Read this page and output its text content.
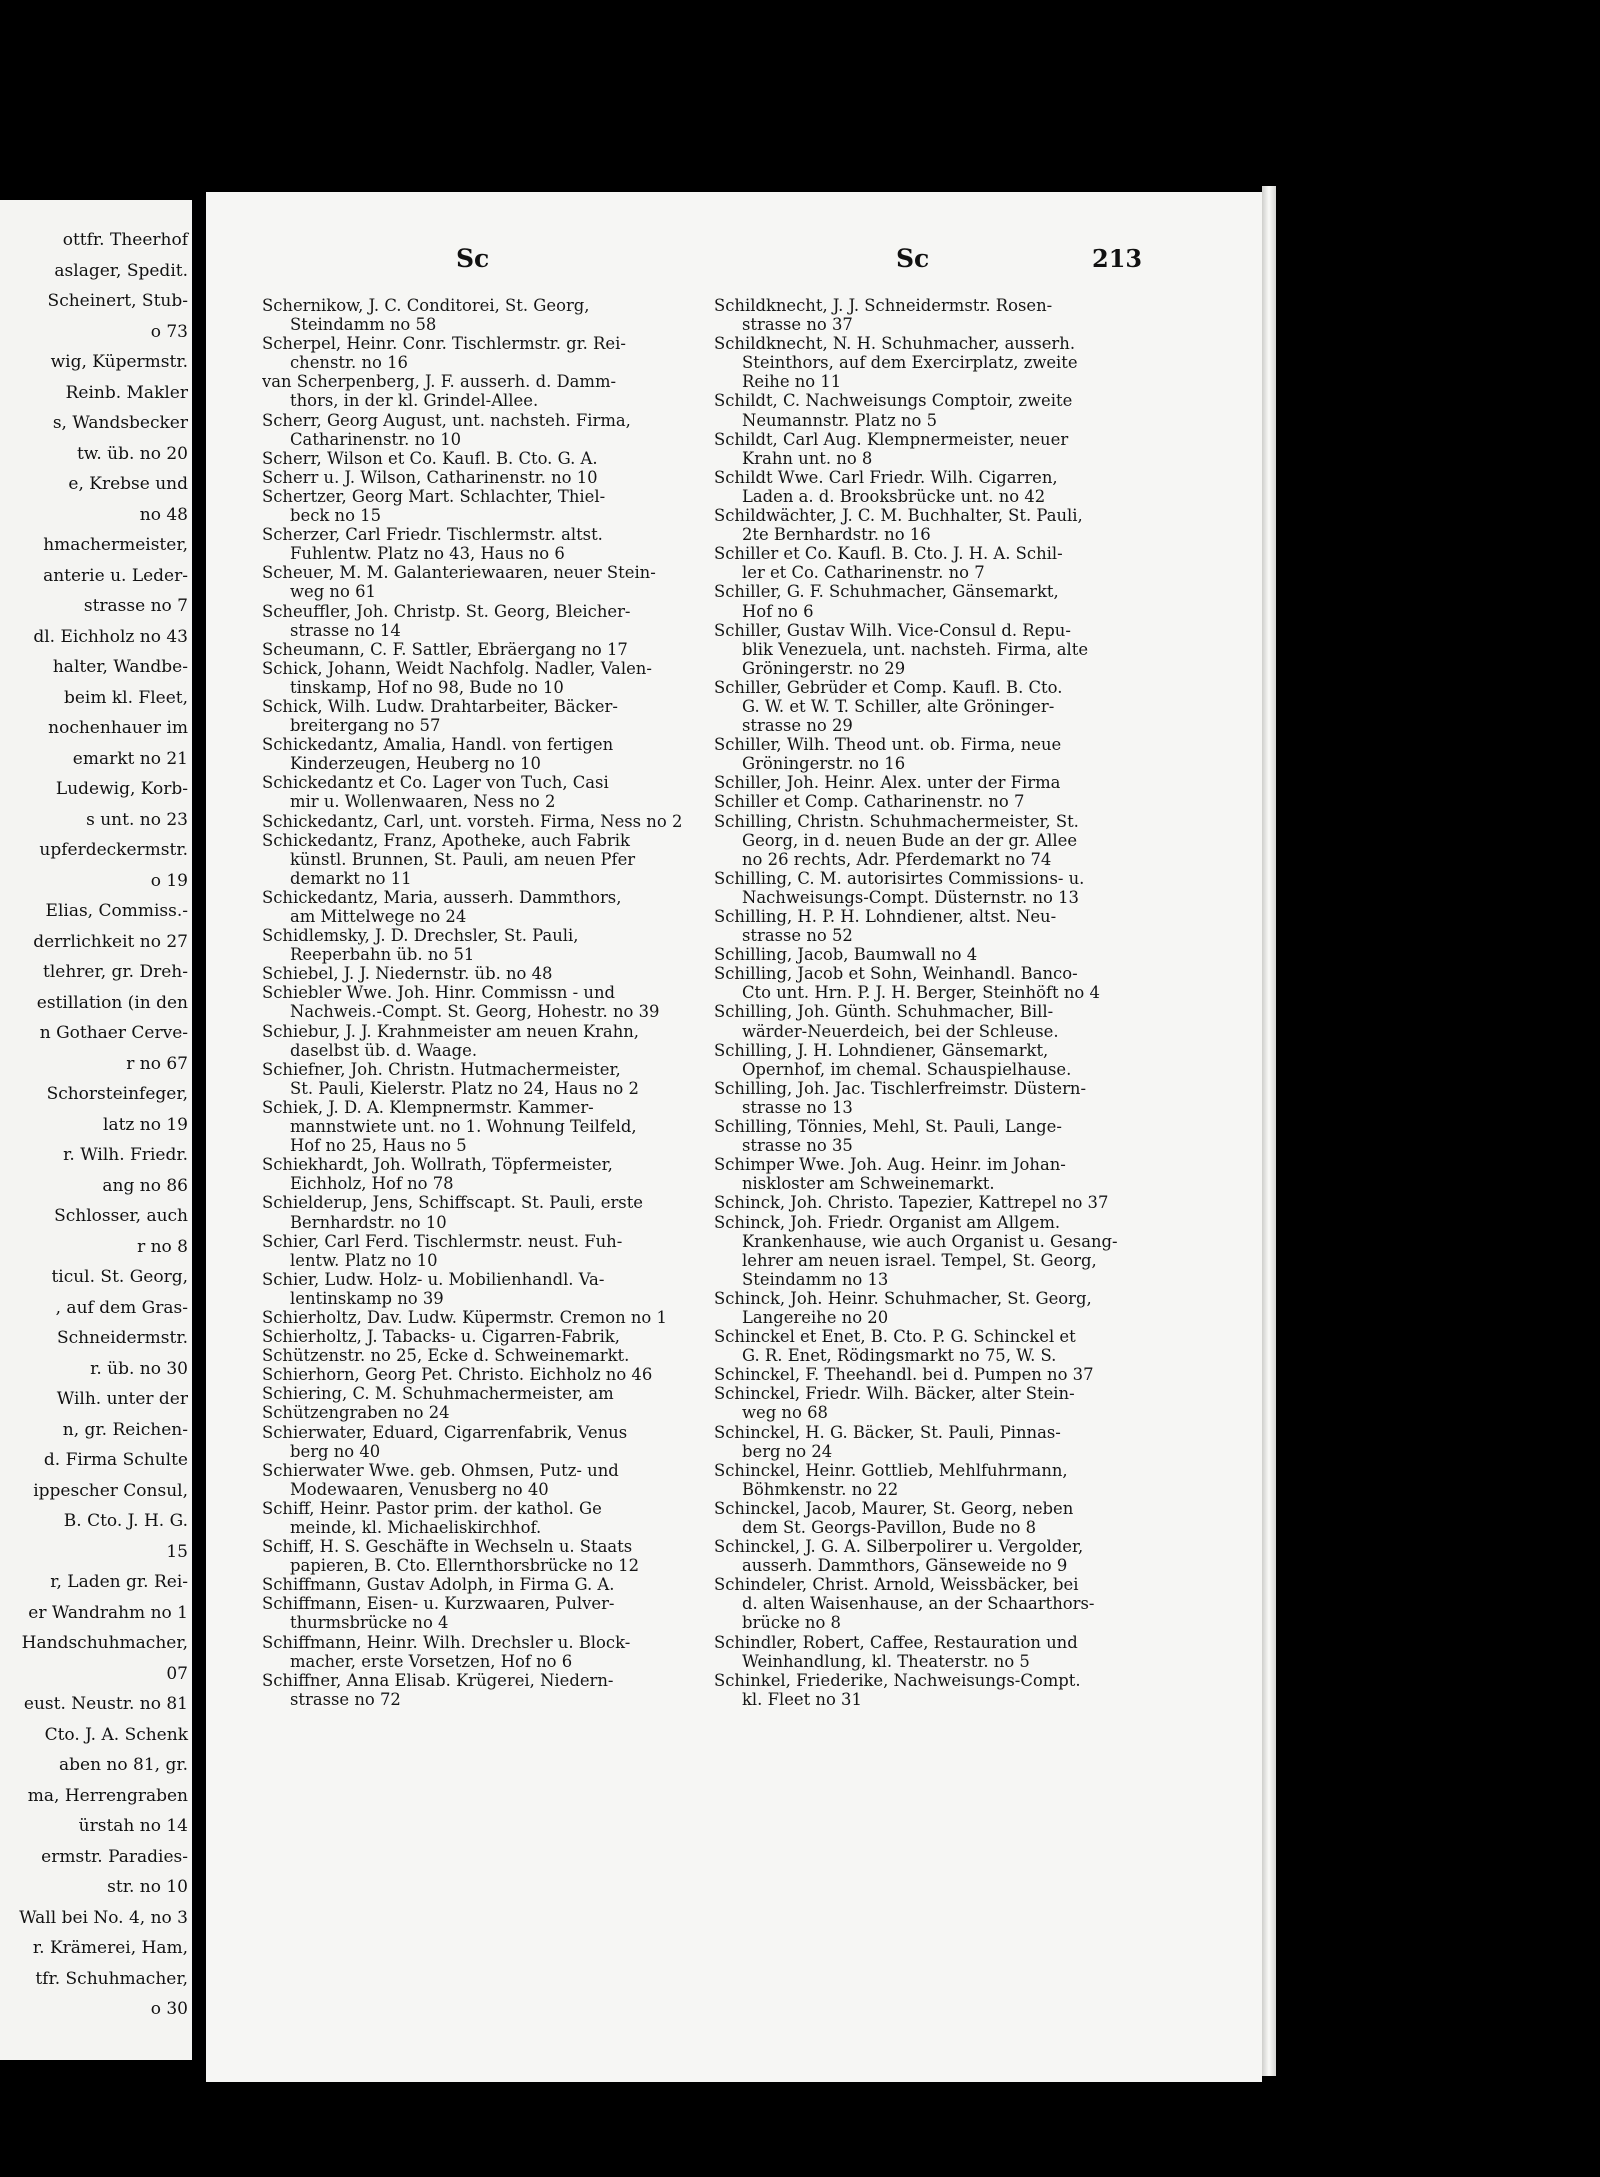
ottfr. Theerhof
aslager, Spedit.
Scheinert, Stub-
o 73
wig, Küpermstr.
Reinb. Makler
s, Wandsbecker
tw. üb. no 20
e, Krebse und
no 48
hmachermeister,
anterie u. Leder-
strasse no 7
dl. Eichholz no 43
halter, Wandbe-
beim kl. Fleet,
nochenhauer im
emarkt no 21
Ludewig, Korb-
s unt. no 23
upferdeckermstr.
o 19
Elias, Commiss.-
derrlichkeit no 27
tlehrer, gr. Dreh-
estillation (in den
n Gothaer Cerve-
r no 67
Schorsteinfeger,
latz no 19
r. Wilh. Friedr.
ang no 86
Schlosser, auch
r no 8
ticul. St. Georg,
, auf dem Gras-
Schneidermstr.
r. üb. no 30
Wilh. unter der
n, gr. Reichen-
d. Firma Schulte
ippescher Consul,
B. Cto. J. H. G.
15
r, Laden gr. Rei-
er Wandrahm no 1
Handschuhmacher,
07
eust. Neustr. no 81
Cto. J. A. Schenk
aben no 81, gr.
ma, Herrengraben
ürstah no 14
ermstr. Paradies-
str. no 10
Wall bei No. 4, no 3
r. Krämerei, Ham,
tfr. Schuhmacher,
o 30
Sc	Sc	213
Schernikow, J. C. Conditorei, St. Georg,
Steindamm no 58
Scherpel, Heinr. Conr. Tischlermstr. gr. Rei-
chenstr. no 16
van Scherpenberg, J. F. ausserh. d. Damm-
thors, in der kl. Grindel-Allee.
Scherr, Georg August, unt. nachsteh. Firma,
Catharinenstr. no 10
Scherr, Wilson et Co. Kaufl. B. Cto. G. A.
Scherr u. J. Wilson, Catharinenstr. no 10
Schertzer, Georg Mart. Schlachter, Thiel-
beck no 15
Scherzer, Carl Friedr. Tischlermstr. altst.
Fuhlentw. Platz no 43, Haus no 6
Scheuer, M. M. Galanteriewaaren, neuer Stein-
weg no 61
Scheuffler, Joh. Christp. St. Georg, Bleicher-
strasse no 14
Scheumann, C. F. Sattler, Ebräergang no 17
Schick, Johann, Weidt Nachfolg. Nadler, Valen-
tinskamp, Hof no 98, Bude no 10
Schick, Wilh. Ludw. Drahtarbeiter, Bäcker-
breitergang no 57
Schickedantz, Amalia, Handl. von fertigen
Kinderzeugen, Heuberg no 10
Schickedantz et Co. Lager von Tuch, Casi
mir u. Wollenwaaren, Ness no 2
Schickedantz, Carl, unt. vorsteh. Firma, Ness no 2
Schickedantz, Franz, Apotheke, auch Fabrik
künstl. Brunnen, St. Pauli, am neuen Pfer
demarkt no 11
Schickedantz, Maria, ausserh. Dammthors,
am Mittelwege no 24
Schidlemsky, J. D. Drechsler, St. Pauli,
Reeperbahn üb. no 51
Schiebel, J. J. Niedernstr. üb. no 48
Schiebler Wwe. Joh. Hinr. Commissn - und
Nachweis.-Compt. St. Georg, Hohestr. no 39
Schiebur, J. J. Krahnmeister am neuen Krahn,
daselbst üb. d. Waage.
Schiefner, Joh. Christn. Hutmachermeister,
St. Pauli, Kielerstr. Platz no 24, Haus no 2
Schiek, J. D. A. Klempnermstr. Kammer-
mannstwiete unt. no 1. Wohnung Teilfeld,
Hof no 25, Haus no 5
Schiekhardt, Joh. Wollrath, Töpfermeister,
Eichholz, Hof no 78
Schielderup, Jens, Schiffscapt. St. Pauli, erste
Bernhardstr. no 10
Schier, Carl Ferd. Tischlermstr. neust. Fuh-
lentw. Platz no 10
Schier, Ludw. Holz- u. Mobilienhandl. Va-
lentinskamp no 39
Schierholtz, Dav. Ludw. Küpermstr. Cremon no 1
Schierholtz, J. Tabacks- u. Cigarren-Fabrik,
Schützenstr. no 25, Ecke d. Schweinemarkt.
Schierhorn, Georg Pet. Christo. Eichholz no 46
Schiering, C. M. Schuhmachermeister, am
Schützengraben no 24
Schierwater, Eduard, Cigarrenfabrik, Venus
berg no 40
Schierwater Wwe. geb. Ohmsen, Putz- und
Modewaaren, Venusberg no 40
Schiff, Heinr. Pastor prim. der kathol. Ge
meinde, kl. Michaeliskirchhof.
Schiff, H. S. Geschäfte in Wechseln u. Staats
papieren, B. Cto. Ellernthorsbrücke no 12
Schiffmann, Gustav Adolph, in Firma G. A.
Schiffmann, Eisen- u. Kurzwaaren, Pulver-
thurmsbrücke no 4
Schiffmann, Heinr. Wilh. Drechsler u. Block-
macher, erste Vorsetzen, Hof no 6
Schiffner, Anna Elisab. Krügerei, Niedern-
strasse no 72
Schildknecht, J. J. Schneidermstr. Rosen-
strasse no 37
Schildknecht, N. H. Schuhmacher, ausserh.
Steinthors, auf dem Exercirplatz, zweite
Reihe no 11
Schildt, C. Nachweisungs Comptoir, zweite
Neumannstr. Platz no 5
Schildt, Carl Aug. Klempnermeister, neuer
Krahn unt. no 8
Schildt Wwe. Carl Friedr. Wilh. Cigarren,
Laden a. d. Brooksbrücke unt. no 42
Schildwächter, J. C. M. Buchhalter, St. Pauli,
2te Bernhardstr. no 16
Schiller et Co. Kaufl. B. Cto. J. H. A. Schil-
ler et Co. Catharinenstr. no 7
Schiller, G. F. Schuhmacher, Gänsemarkt,
Hof no 6
Schiller, Gustav Wilh. Vice-Consul d. Repu-
blik Venezuela, unt. nachsteh. Firma, alte
Gröningerstr. no 29
Schiller, Gebrüder et Comp. Kaufl. B. Cto.
G. W. et W. T. Schiller, alte Gröninger-
strasse no 29
Schiller, Wilh. Theod unt. ob. Firma, neue
Gröningerstr. no 16
Schiller, Joh. Heinr. Alex. unter der Firma
Schiller et Comp. Catharinenstr. no 7
Schilling, Christn. Schuhmachermeister, St.
Georg, in d. neuen Bude an der gr. Allee
no 26 rechts, Adr. Pferdemarkt no 74
Schilling, C. M. autorisirtes Commissions- u.
Nachweisungs-Compt. Düsternstr. no 13
Schilling, H. P. H. Lohndiener, altst. Neu-
strasse no 52
Schilling, Jacob, Baumwall no 4
Schilling, Jacob et Sohn, Weinhandl. Banco-
Cto unt. Hrn. P. J. H. Berger, Steinhöft no 4
Schilling, Joh. Günth. Schuhmacher, Bill-
wärder-Neuerdeich, bei der Schleuse.
Schilling, J. H. Lohndiener, Gänsemarkt,
Opernhof, im chemal. Schauspielhause.
Schilling, Joh. Jac. Tischlerfreimstr. Düstern-
strasse no 13
Schilling, Tönnies, Mehl, St. Pauli, Lange-
strasse no 35
Schimper Wwe. Joh. Aug. Heinr. im Johan-
niskloster am Schweinemarkt.
Schinck, Joh. Christo. Tapezier, Kattrepel no 37
Schinck, Joh. Friedr. Organist am Allgem.
Krankenhause, wie auch Organist u. Gesang-
lehrer am neuen israel. Tempel, St. Georg,
Steindamm no 13
Schinck, Joh. Heinr. Schuhmacher, St. Georg,
Langereihe no 20
Schinckel et Enet, B. Cto. P. G. Schinckel et
G. R. Enet, Rödingsmarkt no 75, W. S.
Schinckel, F. Theehandl. bei d. Pumpen no 37
Schinckel, Friedr. Wilh. Bäcker, alter Stein-
weg no 68
Schinckel, H. G. Bäcker, St. Pauli, Pinnas-
berg no 24
Schinckel, Heinr. Gottlieb, Mehlfuhrmann,
Böhmkenstr. no 22
Schinckel, Jacob, Maurer, St. Georg, neben
dem St. Georgs-Pavillon, Bude no 8
Schinckel, J. G. A. Silberpolirer u. Vergolder,
ausserh. Dammthors, Gänseweide no 9
Schindeler, Christ. Arnold, Weissbäcker, bei
d. alten Waisenhause, an der Schaarthors-
brücke no 8
Schindler, Robert, Caffee, Restauration und
Weinhandlung, kl. Theaterstr. no 5
Schinkel, Friederike, Nachweisungs-Compt.
kl. Fleet no 31
